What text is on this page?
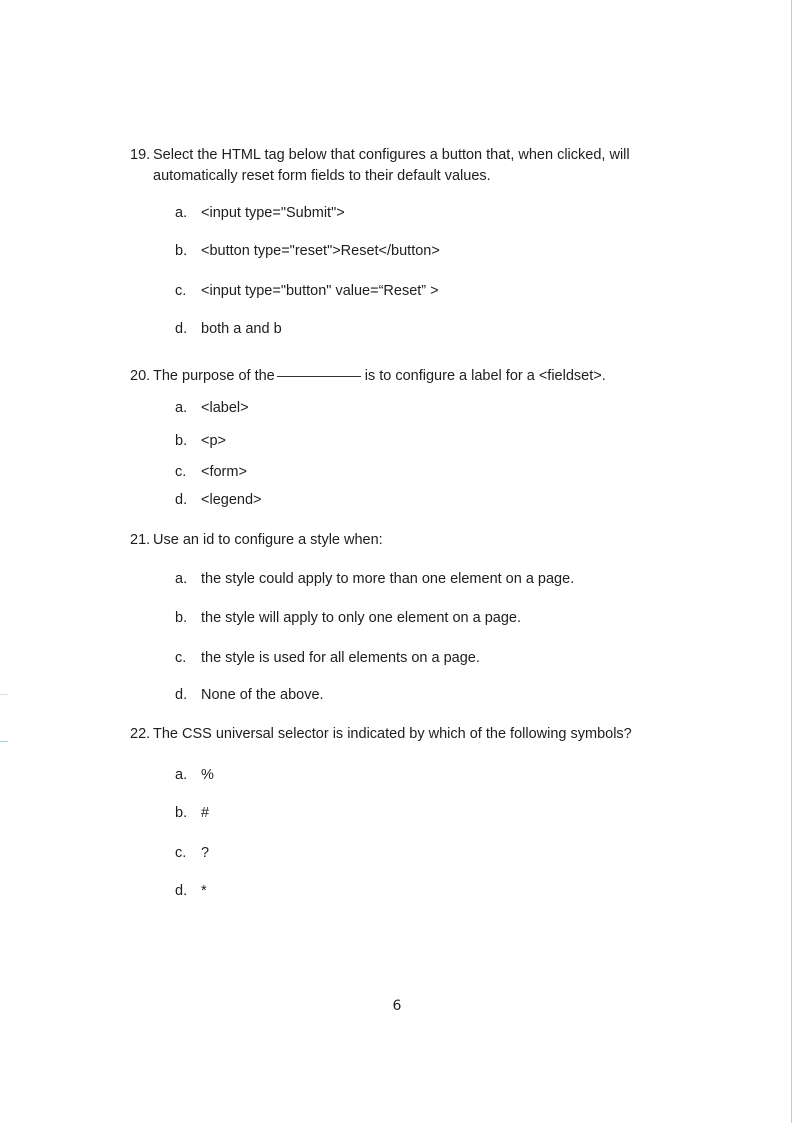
19. Select the HTML tag below that configures a button that, when clicked, will automatically reset form fields to their default values.
a. <input type="Submit">
b. <button type="reset">Reset</button>
c.	<input type="button" value=“Reset” >
d. both a and b
20. The purpose of the	is to configure a label for a <fieldset>.
a. <label>
b. <p>
c.	<form>
d. <legend>
21. Use an id to configure a style when:
a. the style could apply to more than one element on a page.
b. the style will apply to only one element on a page.
c.	the style is used for all elements on a page.
d. None of the above.
22. The CSS universal selector is indicated by which of the following symbols?
a. %
b. #
c.	?
d. *
6
